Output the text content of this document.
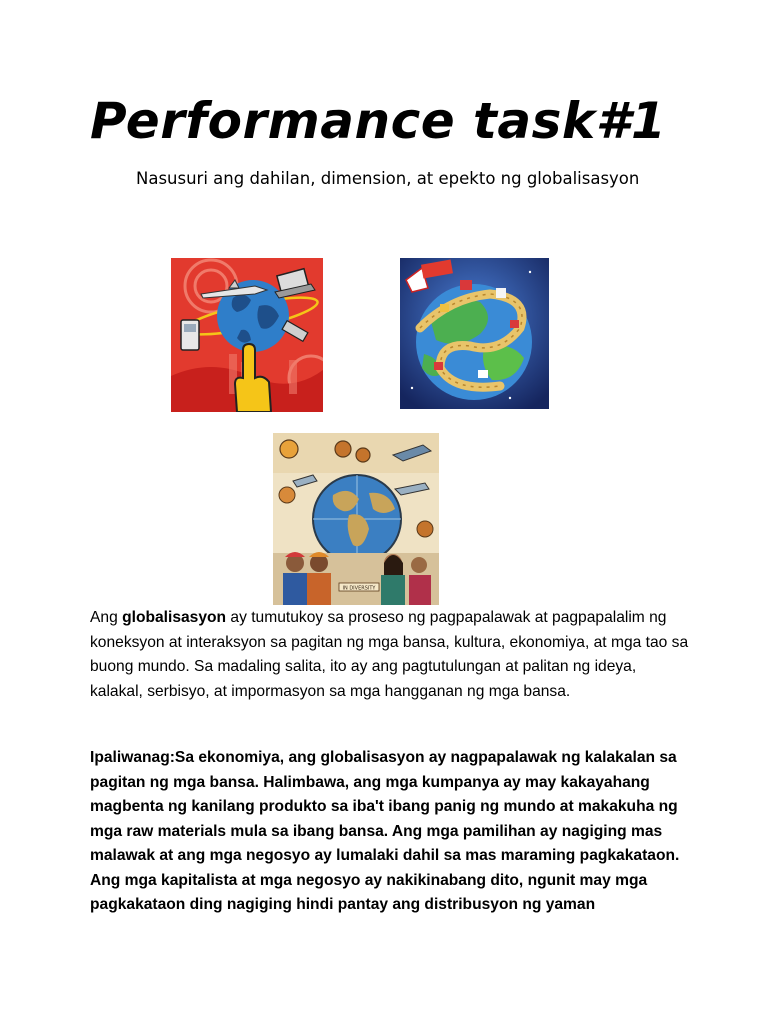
Performance task#1

Nasusuri ang dahilan, dimension, at epekto ng globalisasyon

IN DIVERSITY

Ang globalisasyon ay tumutukoy sa proseso ng pagpapalawak at pagpapalalim ng koneksyon at interaksyon sa pagitan ng mga bansa, kultura, ekonomiya, at mga tao sa buong mundo. Sa madaling salita, ito ay ang pagtutulungan at palitan ng ideya, kalakal, serbisyo, at impormasyon sa mga hangganan ng mga bansa.

Ipaliwanag:Sa ekonomiya, ang globalisasyon ay nagpapalawak ng kalakalan sa pagitan ng mga bansa. Halimbawa, ang mga kumpanya ay may kakayahang magbenta ng kanilang produkto sa iba't ibang panig ng mundo at makakuha ng mga raw materials mula sa ibang bansa. Ang mga pamilihan ay nagiging mas malawak at ang mga negosyo ay lumalaki dahil sa mas maraming pagkakataon. Ang mga kapitalista at mga negosyo ay nakikinabang dito, ngunit may mga pagkakataon ding nagiging hindi pantay ang distribusyon ng yaman
